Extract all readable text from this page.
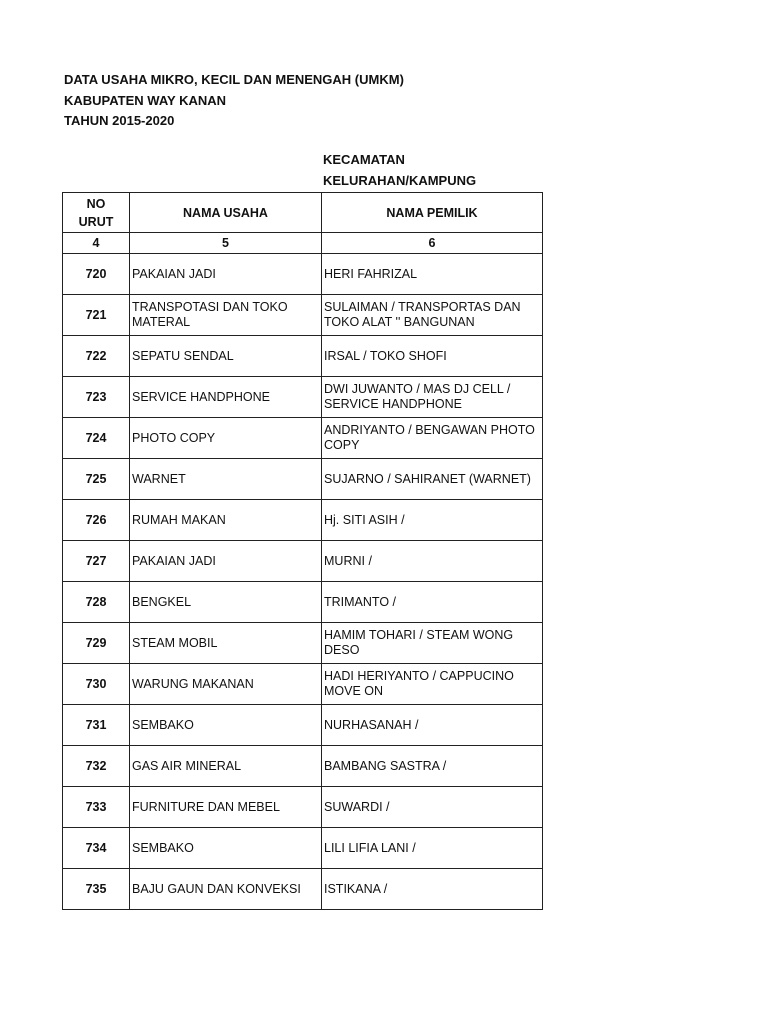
DATA USAHA MIKRO, KECIL DAN MENENGAH (UMKM)
KABUPATEN WAY KANAN
TAHUN 2015-2020
KECAMATAN
KELURAHAN/KAMPUNG
NO
URUT	NAMA USAHA	NAMA PEMILIK
4	5	6
720	PAKAIAN JADI	HERI FAHRIZAL
721	TRANSPOTASI DAN TOKO MATERAL	SULAIMAN / TRANSPORTAS DAN TOKO ALAT '' BANGUNAN
722	SEPATU SENDAL	IRSAL / TOKO SHOFI
723	SERVICE HANDPHONE	DWI JUWANTO / MAS DJ CELL / SERVICE HANDPHONE
724	PHOTO COPY	ANDRIYANTO / BENGAWAN PHOTO COPY
725	WARNET	SUJARNO / SAHIRANET (WARNET)
726	RUMAH MAKAN	Hj. SITI ASIH /
727	PAKAIAN JADI	MURNI /
728	BENGKEL	TRIMANTO /
729	STEAM MOBIL	HAMIM TOHARI / STEAM WONG DESO
730	WARUNG MAKANAN	HADI HERIYANTO / CAPPUCINO MOVE ON
731	SEMBAKO	NURHASANAH /
732	GAS AIR MINERAL	BAMBANG SASTRA /
733	FURNITURE DAN MEBEL	SUWARDI /
734	SEMBAKO	LILI LIFIA LANI /
735	BAJU GAUN DAN KONVEKSI	ISTIKANA /
